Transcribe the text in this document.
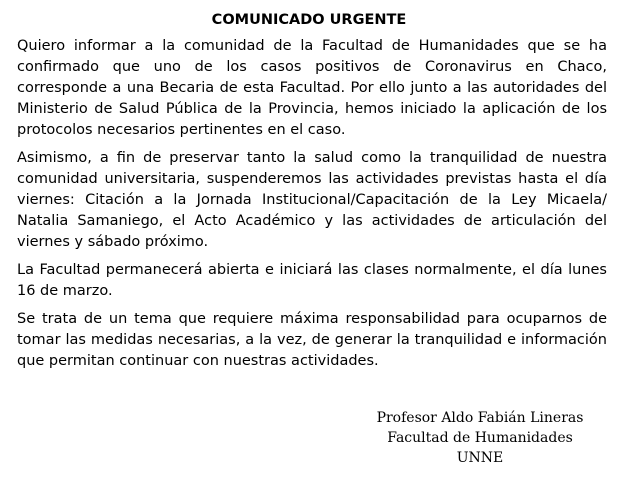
COMUNICADO URGENTE

Quiero informar a la comunidad de la Facultad de Humanidades que se ha confirmado que uno de los casos positivos de Coronavirus en Chaco, corresponde a una Becaria de esta Facultad. Por ello junto a las autoridades del Ministerio de Salud Pública de la Provincia, hemos iniciado la aplicación de los protocolos necesarios pertinentes en el caso.

Asimismo, a fin de preservar tanto la salud como la tranquilidad de nuestra comunidad universitaria, suspenderemos las actividades previstas hasta el día viernes: Citación a la Jornada Institucional/Capacitación de la Ley Micaela/ Natalia Samaniego, el Acto Académico y las actividades de articulación del viernes y sábado próximo.

La Facultad permanecerá abierta e iniciará las clases normalmente, el día lunes 16 de marzo.

Se trata de un tema que requiere máxima responsabilidad para ocuparnos de tomar las medidas necesarias, a la vez, de generar la tranquilidad e información que permitan continuar con nuestras actividades.

Profesor Aldo Fabián Lineras
Facultad de Humanidades
UNNE
